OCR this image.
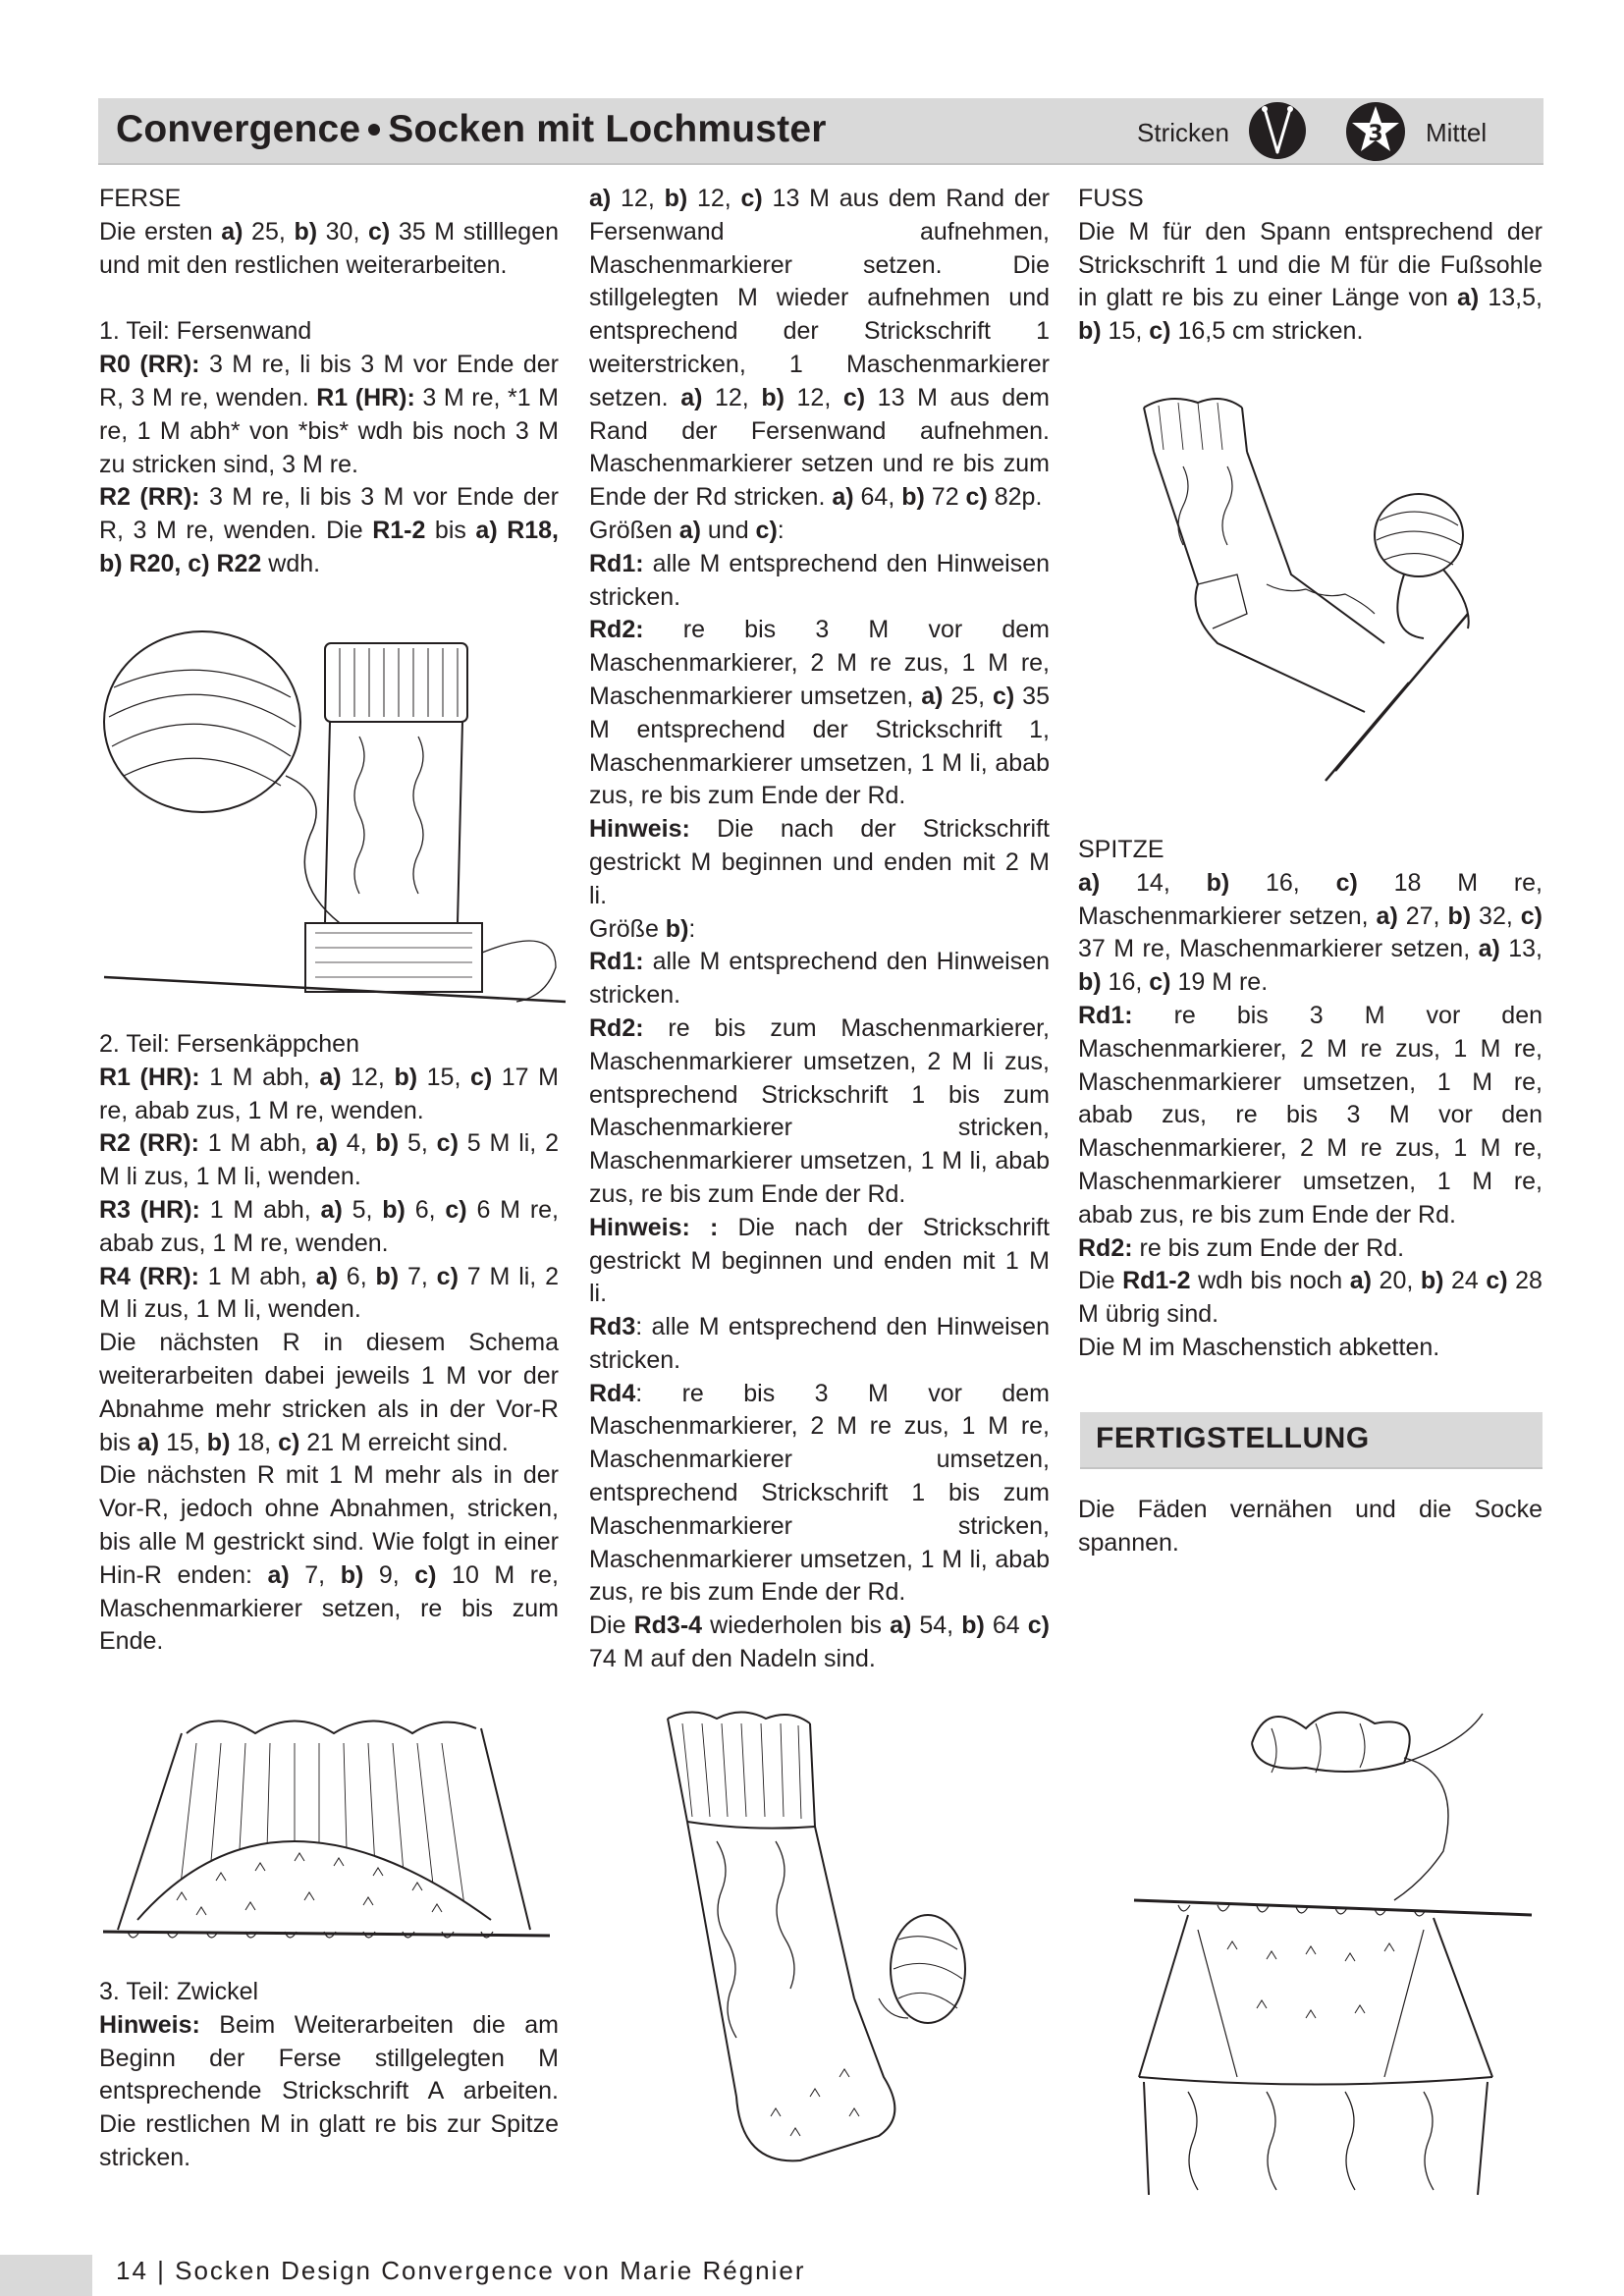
Convergence Socken mit Lochmuster	Stricken	3 Mittel

FERSE

Die ersten a) 25, b) 30, c) 35 M stilllegen und mit den restlichen weiterarbeiten.

1. Teil: Fersenwand

R0 (RR): 3 M re, li bis 3 M vor Ende der R, 3 M re, wenden. R1 (HR): 3 M re, *1 M re, 1 M abh* von *bis* wdh bis noch 3 M zu stricken sind, 3 M re.

R2 (RR): 3 M re, li bis 3 M vor Ende der R, 3 M re, wenden. Die R1-2 bis a) R18, b) R20, c) R22 wdh.

2. Teil: Fersenkäppchen

R1 (HR): 1 M abh, a) 12, b) 15, c) 17 M re, abab zus, 1 M re, wenden.

R2 (RR): 1 M abh, a) 4, b) 5, c) 5 M li, 2 M li zus, 1 M li, wenden.

R3 (HR): 1 M abh, a) 5, b) 6, c) 6 M re, abab zus, 1 M re, wenden.

R4 (RR): 1 M abh, a) 6, b) 7, c) 7 M li, 2 M li zus, 1 M li, wenden.

Die nächsten R in diesem Schema weiterarbeiten dabei jeweils 1 M vor der Abnahme mehr stricken als in der Vor-R bis a) 15, b) 18, c) 21 M erreicht sind.

Die nächsten R mit 1 M mehr als in der Vor-R, jedoch ohne Abnahmen, stricken, bis alle M gestrickt sind. Wie folgt in einer Hin-R enden: a) 7, b) 9, c) 10 M re, Maschenmarkierer setzen, re bis zum Ende.

3. Teil: Zwickel

Hinweis: Beim Weiterarbeiten die am Beginn der Ferse stillgelegten M entsprechende Strickschrift A arbeiten. Die restlichen M in glatt re bis zur Spitze stricken.

a) 12, b) 12, c) 13 M aus dem Rand der Fersenwand aufnehmen, Maschenmarkierer setzen. Die stillgelegten M wieder aufnehmen und entsprechend der Strickschrift 1 weiterstricken, 1 Maschenmarkierer setzen. a) 12, b) 12, c) 13 M aus dem Rand der Fersenwand aufnehmen. Maschenmarkierer setzen und re bis zum Ende der Rd stricken. a) 64, b) 72 c) 82p.

Größen a) und c):

Rd1: alle M entsprechend den Hinweisen stricken.

Rd2: re bis 3 M vor dem Maschenmarkierer, 2 M re zus, 1 M re, Maschenmarkierer umsetzen, a) 25, c) 35 M entsprechend der Strickschrift 1, Maschenmarkierer umsetzen, 1 M li, abab zus, re bis zum Ende der Rd.

Hinweis: Die nach der Strickschrift gestrickt M beginnen und enden mit 2 M li.

Größe b):

Rd1: alle M entsprechend den Hinweisen stricken.

Rd2: re bis zum Maschenmarkierer, Maschenmarkierer umsetzen, 2 M li zus, entsprechend Strickschrift 1 bis zum Maschenmarkierer stricken, Maschenmarkierer umsetzen, 1 M li, abab zus, re bis zum Ende der Rd.

Hinweis: : Die nach der Strickschrift gestrickt M beginnen und enden mit 1 M li.

Rd3: alle M entsprechend den Hinweisen stricken.

Rd4: re bis 3 M vor dem Maschenmarkierer, 2 M re zus, 1 M re, Maschenmarkierer umsetzen, entsprechend Strickschrift 1 bis zum Maschenmarkierer stricken, Maschenmarkierer umsetzen, 1 M li, abab zus, re bis zum Ende der Rd.

Die Rd3-4 wiederholen bis a) 54, b) 64 c) 74 M auf den Nadeln sind.

FUSS

Die M für den Spann entsprechend der Strickschrift 1 und die M für die Fußsohle in glatt re bis zu einer Länge von a) 13,5, b) 15, c) 16,5 cm stricken.

SPITZE

a) 14, b) 16, c) 18 M re, Maschenmarkierer setzen, a) 27, b) 32, c) 37 M re, Maschenmarkierer setzen, a) 13, b) 16, c) 19 M re.

Rd1: re bis 3 M vor den Maschenmarkierer, 2 M re zus, 1 M re, Maschenmarkierer umsetzen, 1 M re, abab zus, re bis 3 M vor den Maschenmarkierer, 2 M re zus, 1 M re, Maschenmarkierer umsetzen, 1 M re, abab zus, re bis zum Ende der Rd.

Rd2: re bis zum Ende der Rd.

Die Rd1-2 wdh bis noch a) 20, b) 24 c) 28 M übrig sind.

Die M im Maschenstich abketten.

FERTIGSTELLUNG

Die Fäden vernähen und die Socke spannen.

14 | Socken Design Convergence von Marie Régnier
